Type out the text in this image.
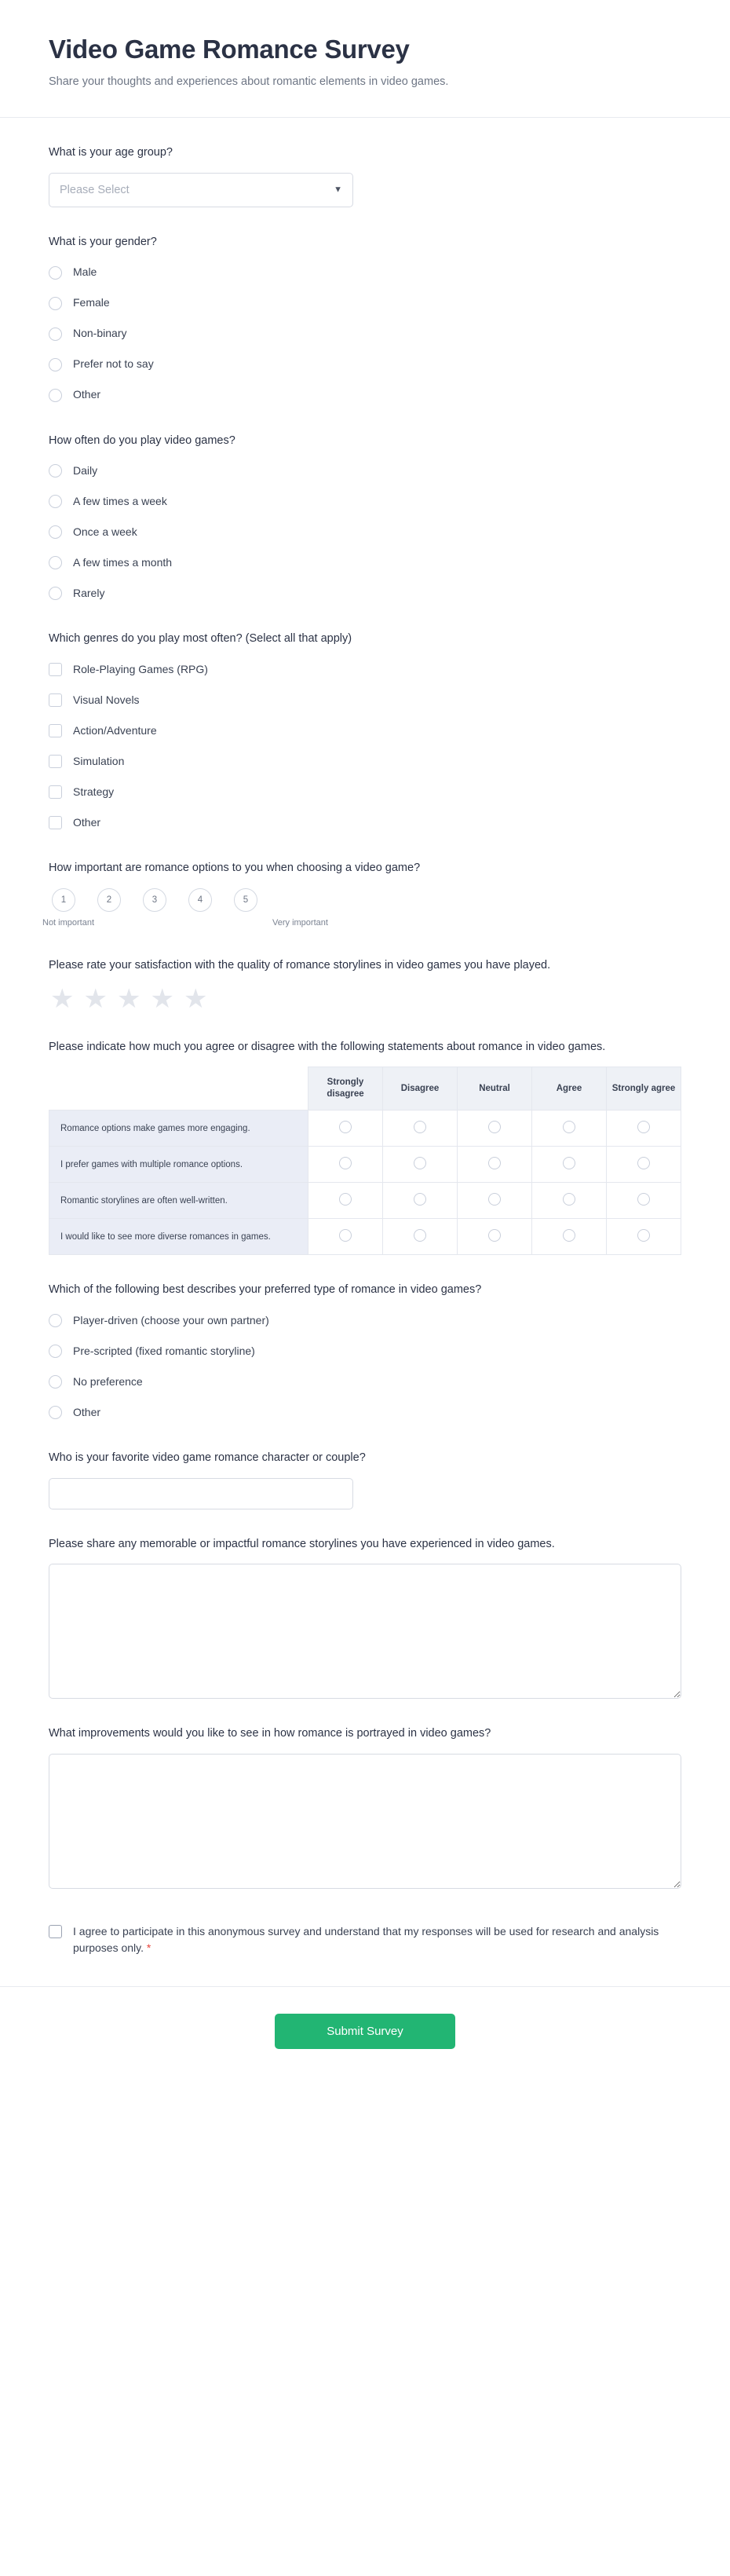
Video Game Romance Survey

Share your thoughts and experiences about romantic elements in video games.

What is your age group?
Please Select
▼
What is your gender?
Male
Female
Non-binary
Prefer not to say
Other
How often do you play video games?
Daily
A few times a week
Once a week
A few times a month
Rarely
Which genres do you play most often? (Select all that apply)
Role-Playing Games (RPG)
Visual Novels
Action/Adventure
Simulation
Strategy
Other
How important are romance options to you when choosing a video game?
1	2	3	4	5
Not important	Very important
Please rate your satisfaction with the quality of romance storylines in video games you have played.
★ ★ ★ ★ ★
Please indicate how much you agree or disagree with the following statements about romance in video games.
	Strongly disagree	Disagree	Neutral	Agree	Strongly agree
Romance options make games more engaging.					
I prefer games with multiple romance options.					
Romantic storylines are often well-written.					
I would like to see more diverse romances in games.					
Which of the following best describes your preferred type of romance in video games?
Player-driven (choose your own partner)
Pre-scripted (fixed romantic storyline)
No preference
Other
Who is your favorite video game romance character or couple?
Please share any memorable or impactful romance storylines you have experienced in video games.
What improvements would you like to see in how romance is portrayed in video games?
I agree to participate in this anonymous survey and understand that my responses will be used for research and analysis purposes only. *
Submit Survey
